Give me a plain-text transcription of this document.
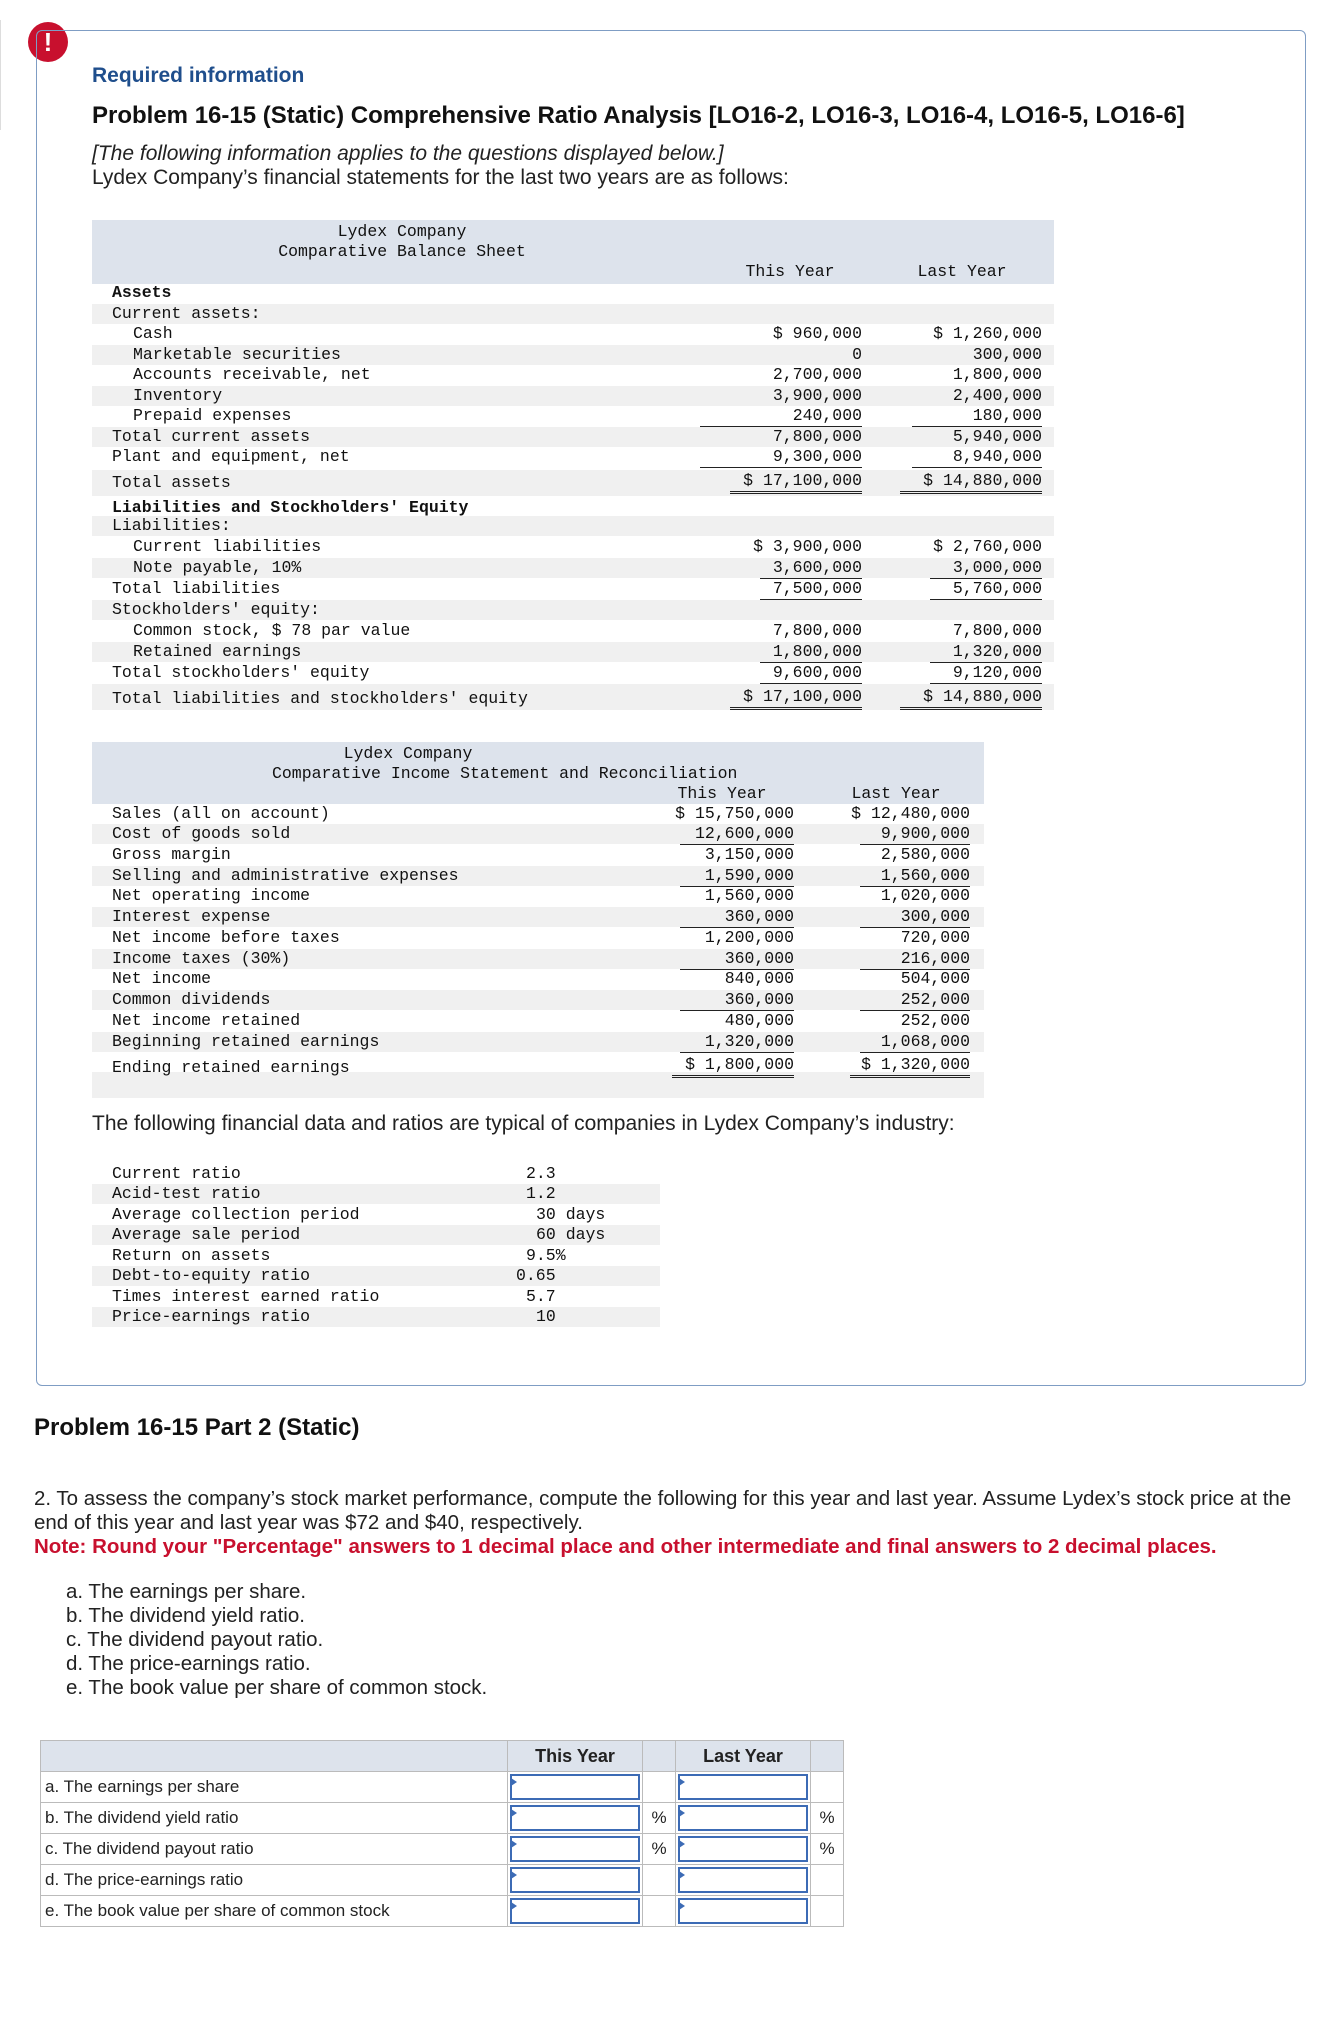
!
Required information
Problem 16-15 (Static) Comprehensive Ratio Analysis [LO16-2, LO16-3, LO16-4, LO16-5, LO16-6]
[The following information applies to the questions displayed below.]
Lydex Company’s financial statements for the last two years are as follows:
Lydex Company
Comparative Balance Sheet
This Year	Last Year
Assets
Current assets:
Cash	$ 960,000	$ 1,260,000
Marketable securities	0	300,000
Accounts receivable, net	2,700,000	1,800,000
Inventory	3,900,000	2,400,000
Prepaid expenses	240,000	180,000
Total current assets	7,800,000	5,940,000
Plant and equipment, net	9,300,000	8,940,000
Total assets	$ 17,100,000	$ 14,880,000
Liabilities and Stockholders' Equity
Liabilities:
Current liabilities	$ 3,900,000	$ 2,760,000
Note payable, 10%	3,600,000	3,000,000
Total liabilities	7,500,000	5,760,000
Stockholders' equity:
Common stock, $ 78 par value	7,800,000	7,800,000
Retained earnings	1,800,000	1,320,000
Total stockholders' equity	9,600,000	9,120,000
Total liabilities and stockholders' equity	$ 17,100,000	$ 14,880,000
Lydex Company
Comparative Income Statement and Reconciliation
This Year	Last Year
Sales (all on account)	$ 15,750,000	$ 12,480,000
Cost of goods sold	12,600,000	9,900,000
Gross margin	3,150,000	2,580,000
Selling and administrative expenses	1,590,000	1,560,000
Net operating income	1,560,000	1,020,000
Interest expense	360,000	300,000
Net income before taxes	1,200,000	720,000
Income taxes (30%)	360,000	216,000
Net income	840,000	504,000
Common dividends	360,000	252,000
Net income retained	480,000	252,000
Beginning retained earnings	1,320,000	1,068,000
Ending retained earnings	$ 1,800,000	$ 1,320,000
The following financial data and ratios are typical of companies in Lydex Company’s industry:
Current ratio	2.3
Acid-test ratio	1.2
Average collection period	30 days
Average sale period	60 days
Return on assets	9.5%
Debt-to-equity ratio	0.65
Times interest earned ratio	5.7
Price-earnings ratio	10
Problem 16-15 Part 2 (Static)
2. To assess the company’s stock market performance, compute the following for this year and last year. Assume Lydex’s stock price at the end of this year and last year was $72 and $40, respectively.
Note: Round your "Percentage" answers to 1 decimal place and other intermediate and final answers to 2 decimal places.
a. The earnings per share.
b. The dividend yield ratio.
c. The dividend payout ratio.
d. The price-earnings ratio.
e. The book value per share of common stock.
	This Year		Last Year	
a. The earnings per share	

b. The dividend yield ratio		%		%
c. The dividend payout ratio		%		%
d. The price-earnings ratio	

e. The book value per share of common stock	
